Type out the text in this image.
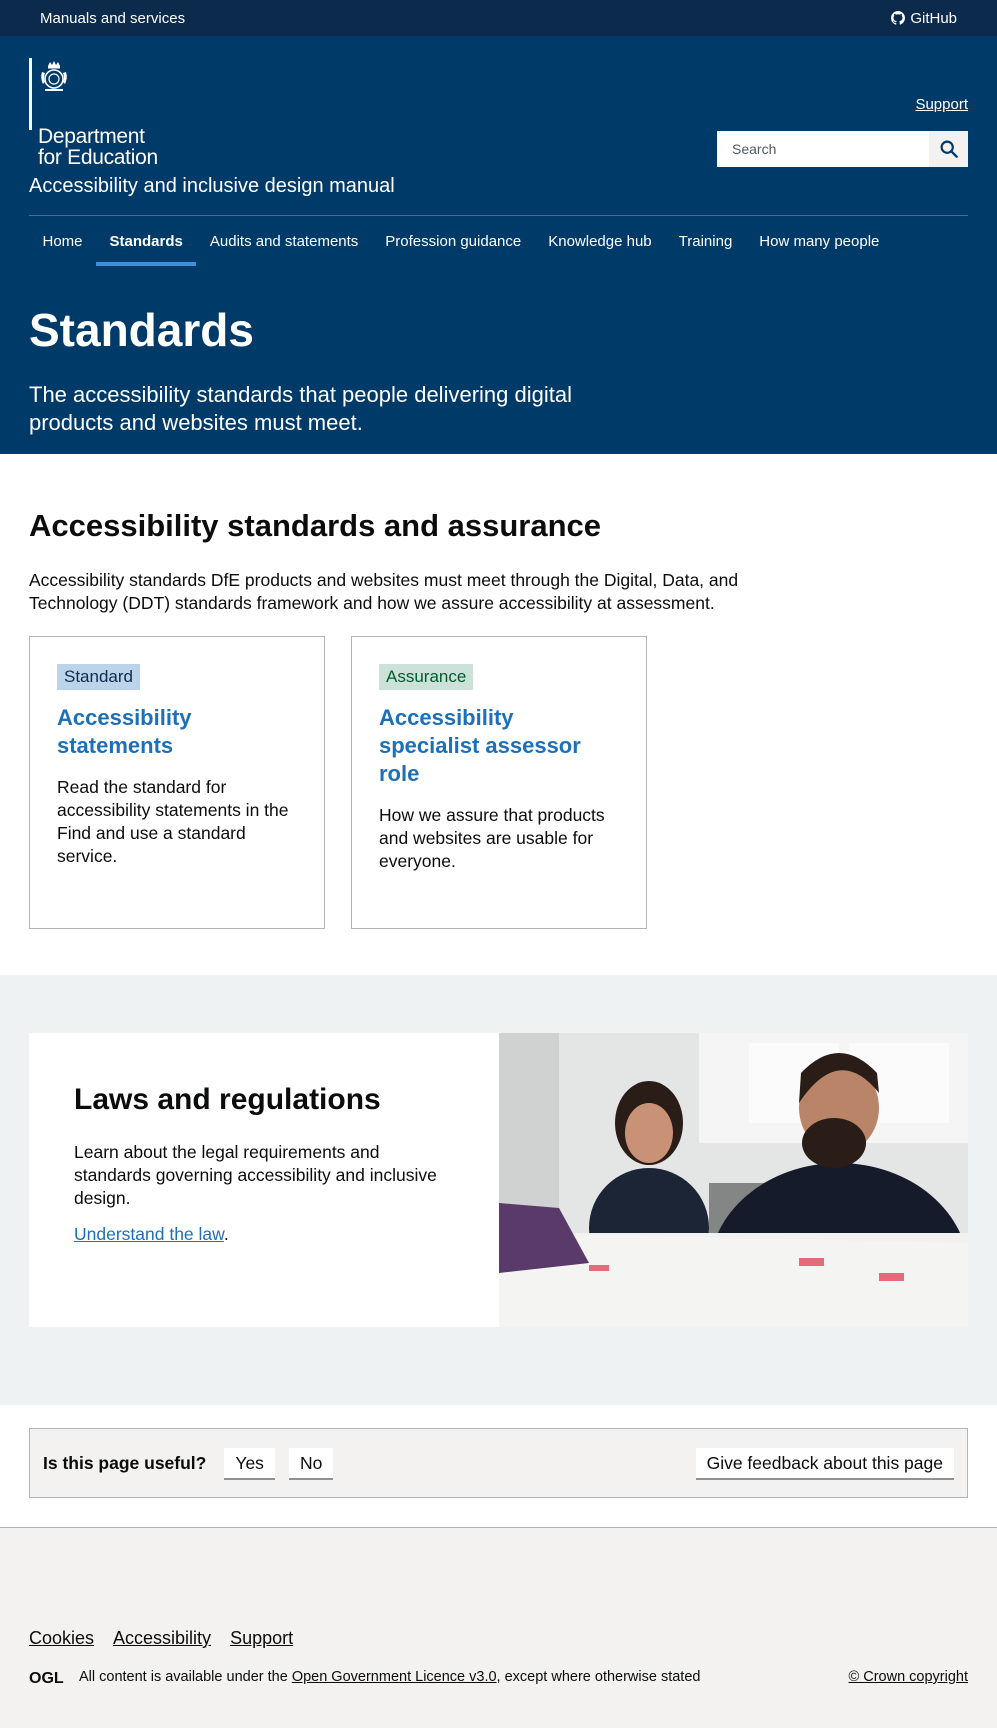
Manuals and services	GitHub
Department
for Education
Support
Search
Accessibility and inclusive design manual
Home	Standards	Audits and statements	Profession guidance	Knowledge hub	Training	How many people
Standards

The accessibility standards that people delivering digital products and websites must meet.

Accessibility standards and assurance

Accessibility standards DfE products and websites must meet through the Digital, Data, and Technology (DDT) standards framework and how we assure accessibility at assessment.

Standard
Accessibility statements
Read the standard for accessibility statements in the Find and use a standard service.
Assurance
Accessibility specialist assessor role
How we assure that products and websites are usable for everyone.
Laws and regulations

Learn about the legal requirements and standards governing accessibility and inclusive design.

Understand the law.

Is this page useful?	Yes	No	Give feedback about this page
Cookies Accessibility Support
OGL All content is available under the Open Government Licence v3.0, except where otherwise stated	© Crown copyright
